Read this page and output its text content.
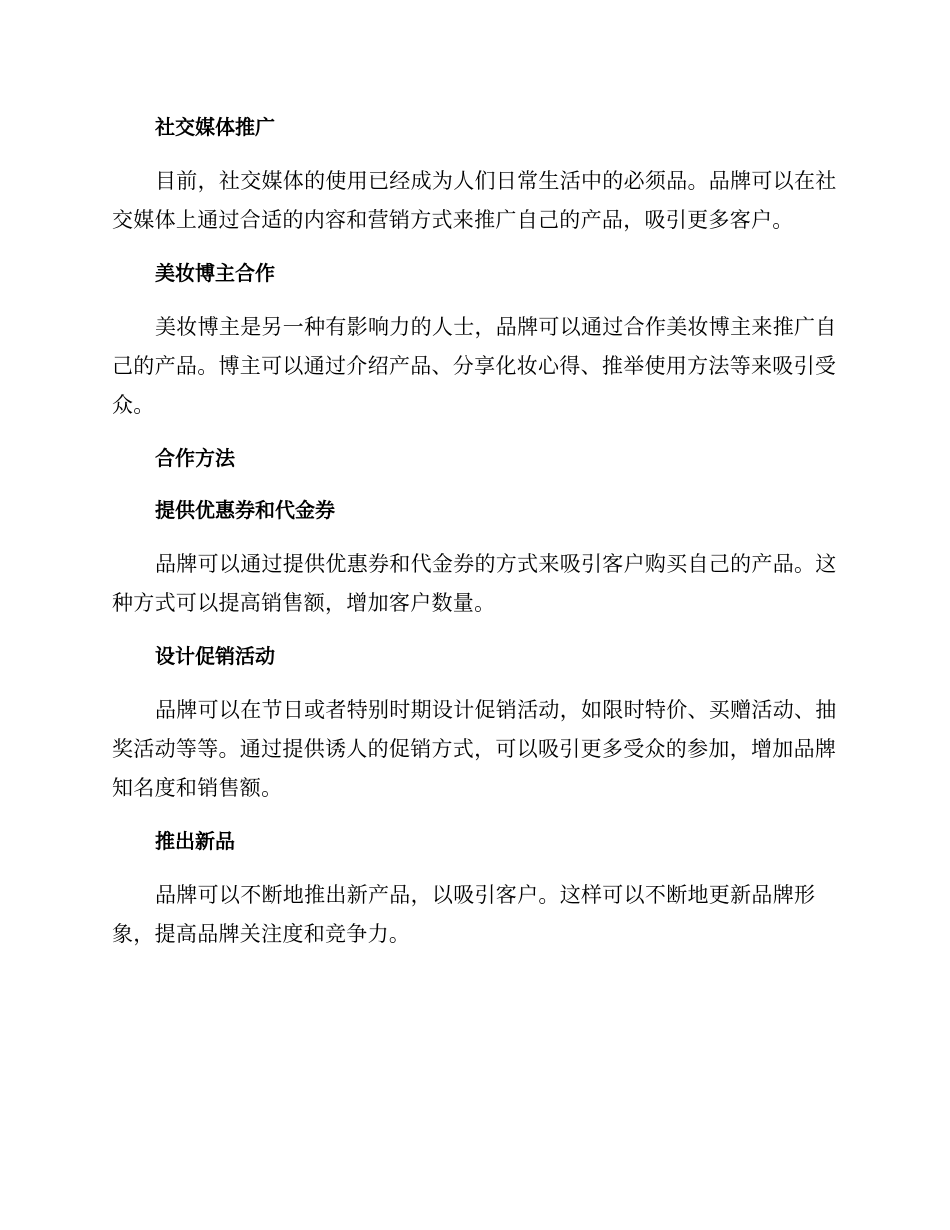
社交媒体推广

目前，社交媒体的使用已经成为人们日常生活中的必须品。品牌可以在社交媒体上通过合适的内容和营销方式来推广自己的产品，吸引更多客户。

美妆博主合作

美妆博主是另一种有影响力的人士，品牌可以通过合作美妆博主来推广自己的产品。博主可以通过介绍产品、分享化妆心得、推举使用方法等来吸引受众。

合作方法
提供优惠券和代金券

品牌可以通过提供优惠券和代金券的方式来吸引客户购买自己的产品。这种方式可以提高销售额，增加客户数量。

设计促销活动

品牌可以在节日或者特别时期设计促销活动，如限时特价、买赠活动、抽奖活动等等。通过提供诱人的促销方式，可以吸引更多受众的参加，增加品牌知名度和销售额。

推出新品

品牌可以不断地推出新产品，以吸引客户。这样可以不断地更新品牌形象，提高品牌关注度和竞争力。
